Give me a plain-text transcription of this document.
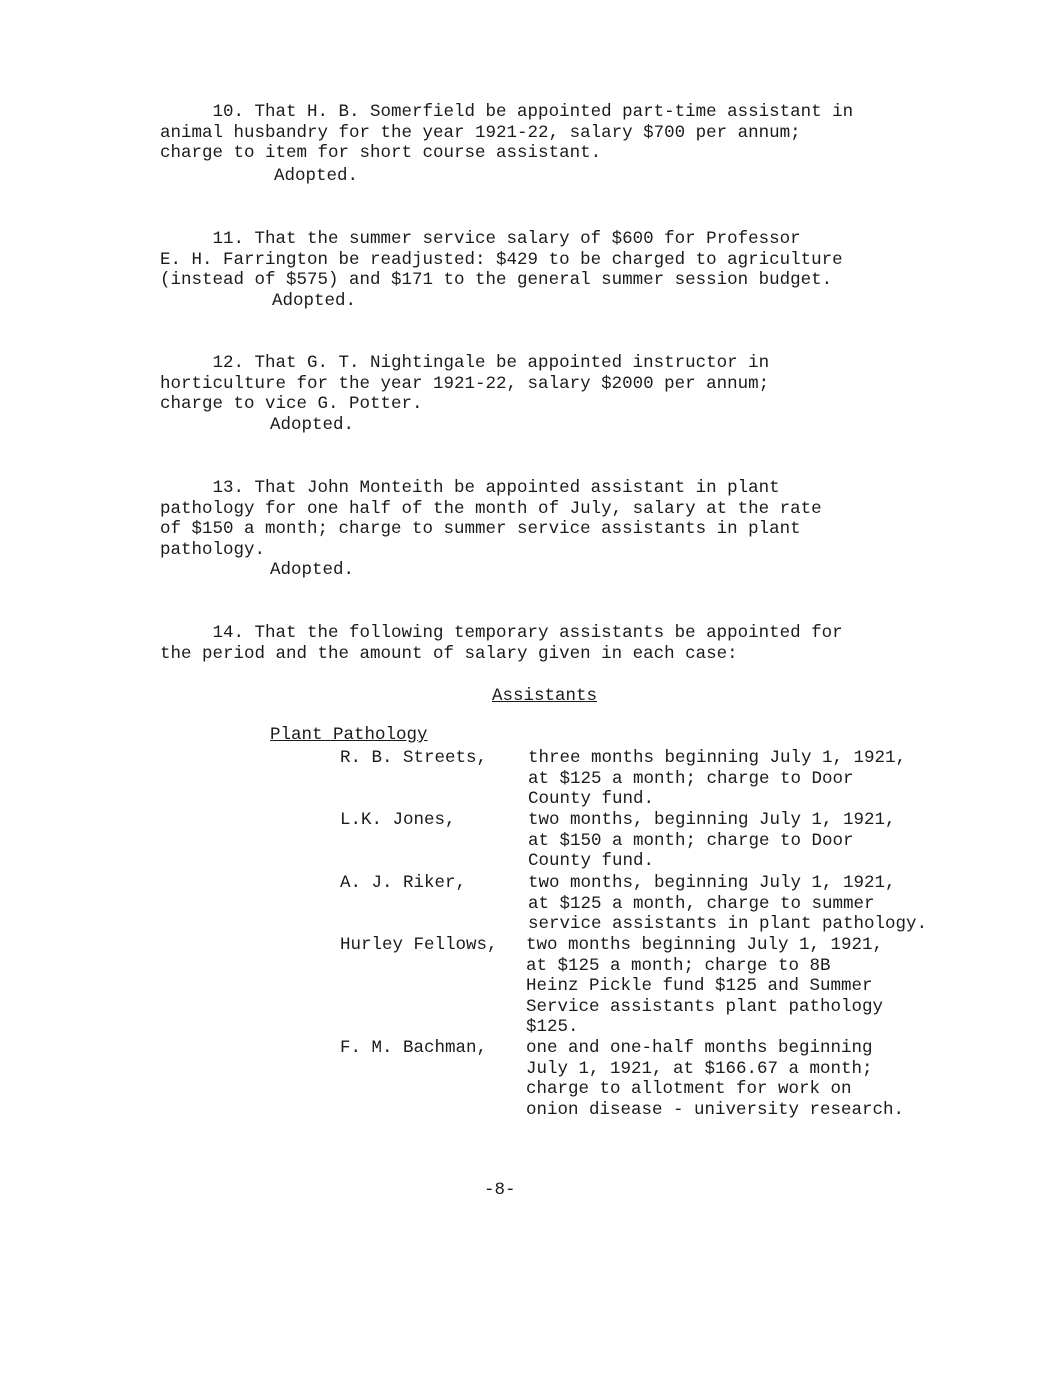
10. That H. B. Somerfield be appointed part-time assistant in
animal husbandry for the year 1921-22, salary $700 per annum;
charge to item for short course assistant.
Adopted.
11. That the summer service salary of $600 for Professor
E. H. Farrington be readjusted: $429 to be charged to agriculture
(instead of $575) and $171 to the general summer session budget.
Adopted.
12. That G. T. Nightingale be appointed instructor in
horticulture for the year 1921-22, salary $2000 per annum;
charge to vice G. Potter.
Adopted.
13. That John Monteith be appointed assistant in plant
pathology for one half of the month of July, salary at the rate
of $150 a month; charge to summer service assistants in plant
pathology.
Adopted.
14. That the following temporary assistants be appointed for
the period and the amount of salary given in each case:
Assistants
Plant Pathology
R. B. Streets, three months beginning July 1, 1921,
at $125 a month; charge to Door
County fund.
L.K. Jones,	two months, beginning July 1, 1921,
at $150 a month; charge to Door
County fund.
A. J. Riker,	two months, beginning July 1, 1921,
at $125 a month, charge to summer
service assistants in plant pathology.
Hurley Fellows, two months beginning July 1, 1921,
at $125 a month; charge to 8B
Heinz Pickle fund $125 and Summer
Service assistants plant pathology
$125.
F. M. Bachman, one and one-half months beginning
July 1, 1921, at $166.67 a month;
charge to allotment for work on
onion disease - university research.
-8-
